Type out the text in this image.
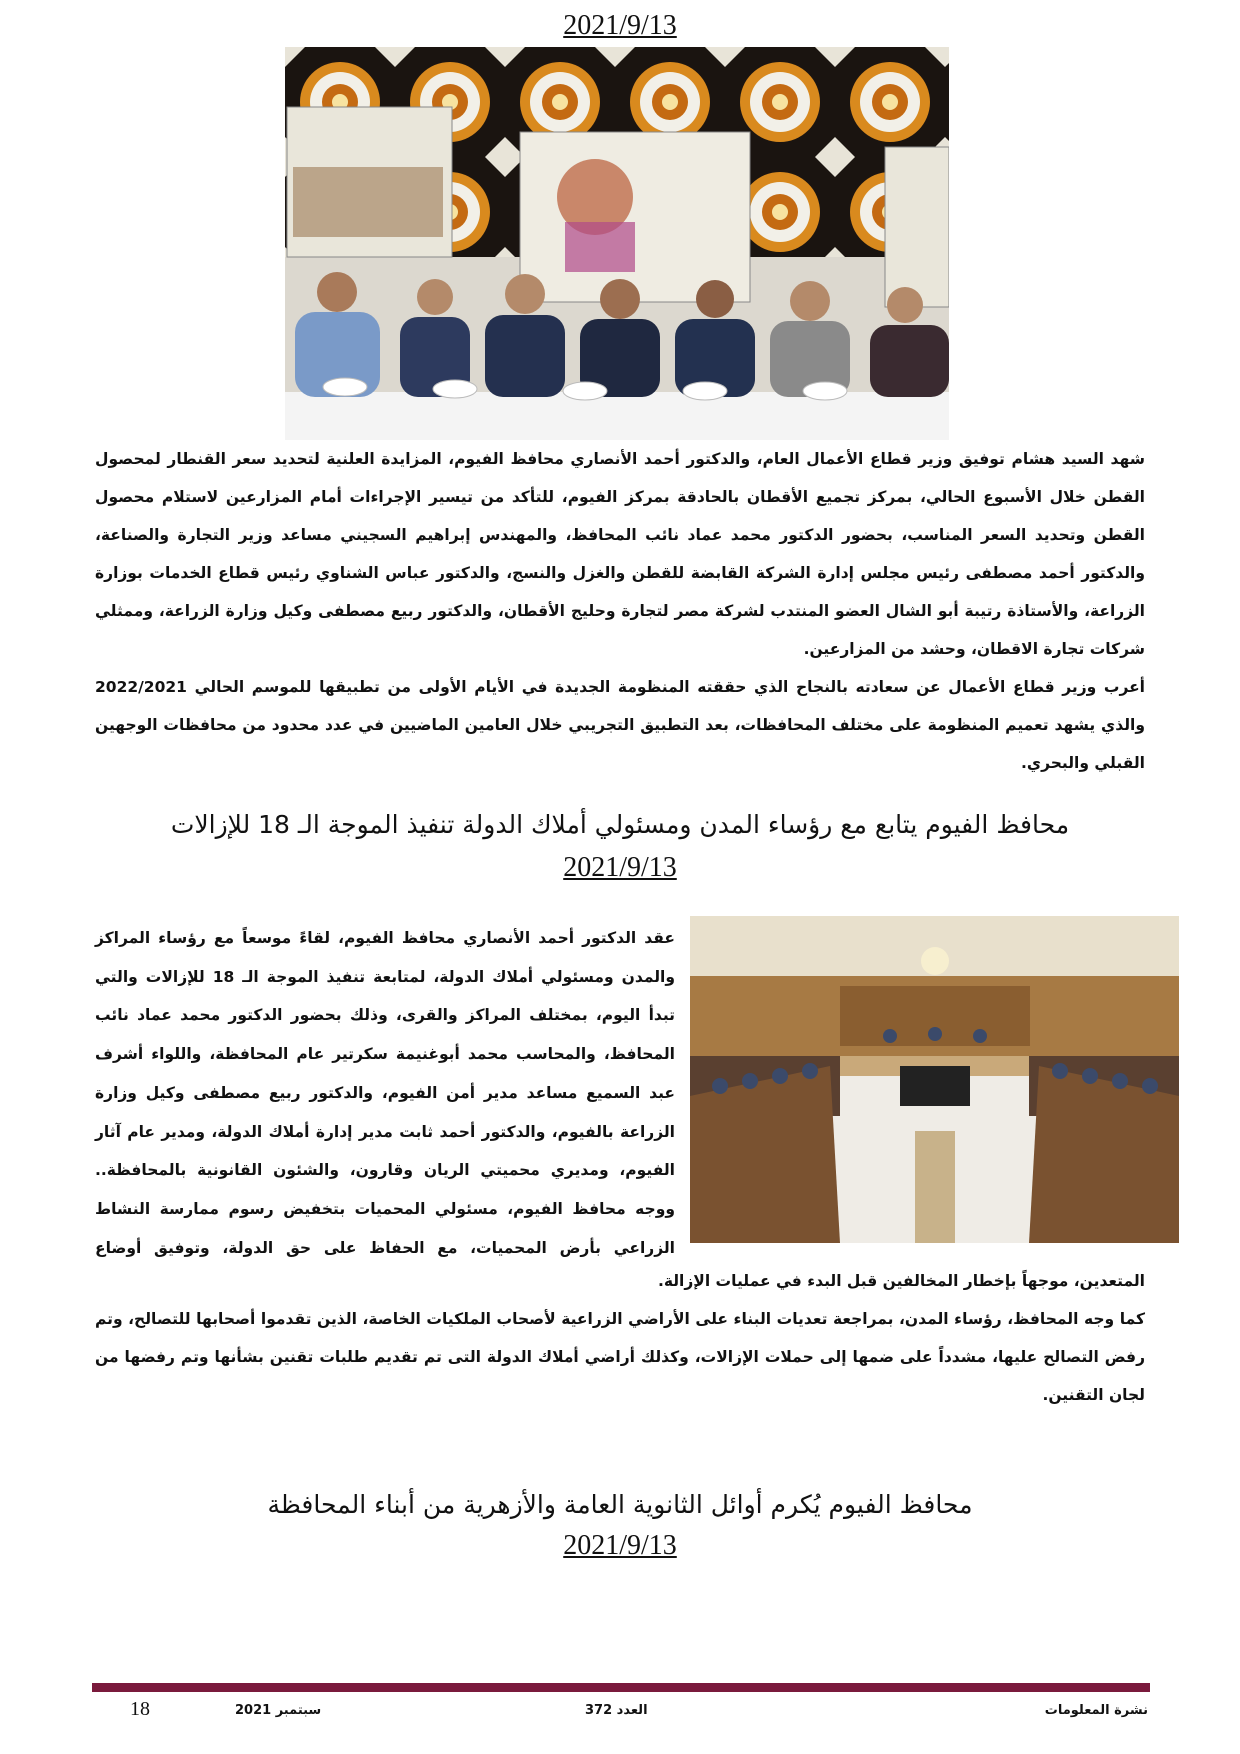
2021/9/13
شهد السيد هشام توفيق وزير قطاع الأعمال العام، والدكتور أحمد الأنصاري محافظ الفيوم، المزايدة العلنية لتحديد سعر القنطار لمحصول القطن خلال الأسبوع الحالي، بمركز تجميع الأقطان بالحادقة بمركز الفيوم، للتأكد من تيسير الإجراءات أمام المزارعين لاستلام محصول القطن وتحديد السعر المناسب، بحضور الدكتور محمد عماد نائب المحافظ، والمهندس إبراهيم السجيني مساعد وزير التجارة والصناعة، والدكتور أحمد مصطفى رئيس مجلس إدارة الشركة القابضة للقطن والغزل والنسج، والدكتور عباس الشناوي رئيس قطاع الخدمات بوزارة الزراعة، والأستاذة رتيبة أبو الشال العضو المنتدب لشركة مصر لتجارة وحليج الأقطان، والدكتور ربيع مصطفى وكيل وزارة الزراعة، وممثلي شركات تجارة الاقطان، وحشد من المزارعين.
أعرب وزير قطاع الأعمال عن سعادته بالنجاح الذي حققته المنظومة الجديدة في الأيام الأولى من تطبيقها للموسم الحالي 2022/2021 والذي يشهد تعميم المنظومة على مختلف المحافظات، بعد التطبيق التجريبي خلال العامين الماضيين في عدد محدود من محافظات الوجهين القبلي والبحري.
محافظ الفيوم يتابع مع رؤساء المدن ومسئولي أملاك الدولة تنفيذ الموجة الـ 18 للإزالات
2021/9/13
عقد الدكتور أحمد الأنصاري محافظ الفيوم، لقاءً موسعاً مع رؤساء المراكز والمدن ومسئولي أملاك الدولة، لمتابعة تنفيذ الموجة الـ 18 للإزالات والتي تبدأ اليوم، بمختلف المراكز والقرى، وذلك بحضور الدكتور محمد عماد نائب المحافظ، والمحاسب محمد أبوغنيمة سكرتير عام المحافظة، واللواء أشرف عبد السميع مساعد مدير أمن الفيوم، والدكتور ربيع مصطفى وكيل وزارة الزراعة بالفيوم، والدكتور أحمد ثابت مدير إدارة أملاك الدولة، ومدير عام آثار الفيوم، ومديري محميتي الريان وقارون، والشئون القانونية بالمحافظة.. ووجه محافظ الفيوم، مسئولي المحميات بتخفيض رسوم ممارسة النشاط الزراعي بأرض المحميات، مع الحفاظ على حق الدولة، وتوفيق أوضاع
المتعدين، موجهاً بإخطار المخالفين قبل البدء في عمليات الإزالة.
كما وجه المحافظ، رؤساء المدن، بمراجعة تعديات البناء على الأراضي الزراعية لأصحاب الملكيات الخاصة، الذين تقدموا أصحابها للتصالح، وتم رفض التصالح عليها، مشدداً على ضمها إلى حملات الإزالات، وكذلك أراضي أملاك الدولة التى تم تقديم طلبات تقنين بشأنها وتم رفضها من لجان التقنين.
محافظ الفيوم يُكرم أوائل الثانوية العامة والأزهرية من أبناء المحافظة
2021/9/13
نشرة المعلومات
العدد 372
سبتمبر 2021
18
